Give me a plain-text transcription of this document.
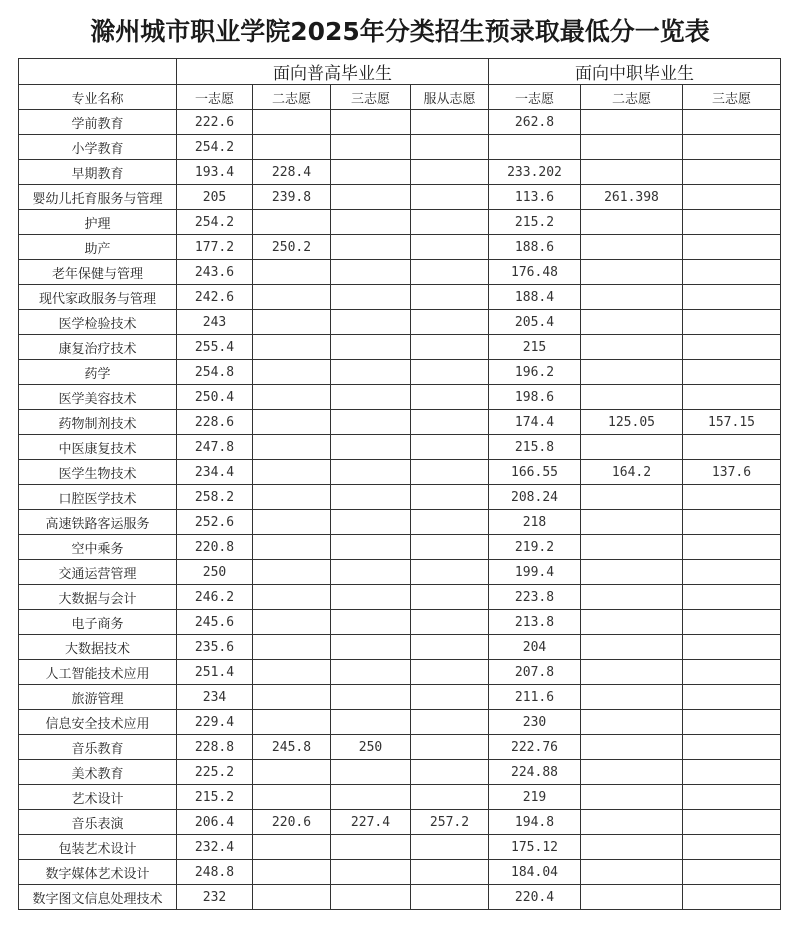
滁州城市职业学院2025年分类招生预录取最低分一览表
	面向普高毕业生				面向中职毕业生		
专业名称	一志愿	二志愿	三志愿	服从志愿	一志愿	二志愿	三志愿
学前教育	222.6				262.8		
小学教育	254.2						
早期教育	193.4	228.4			233.202		
婴幼儿托育服务与管理	205	239.8			113.6	261.398	
护理	254.2				215.2		
助产	177.2	250.2			188.6		
老年保健与管理	243.6				176.48		
现代家政服务与管理	242.6				188.4		
医学检验技术	243				205.4		
康复治疗技术	255.4				215		
药学	254.8				196.2		
医学美容技术	250.4				198.6		
药物制剂技术	228.6				174.4	125.05	157.15
中医康复技术	247.8				215.8		
医学生物技术	234.4				166.55	164.2	137.6
口腔医学技术	258.2				208.24		
高速铁路客运服务	252.6				218		
空中乘务	220.8				219.2		
交通运营管理	250				199.4		
大数据与会计	246.2				223.8		
电子商务	245.6				213.8		
大数据技术	235.6				204		
人工智能技术应用	251.4				207.8		
旅游管理	234				211.6		
信息安全技术应用	229.4				230		
音乐教育	228.8	245.8	250		222.76		
美术教育	225.2				224.88		
艺术设计	215.2				219		
音乐表演	206.4	220.6	227.4	257.2	194.8		
包装艺术设计	232.4				175.12		
数字媒体艺术设计	248.8				184.04		
数字图文信息处理技术	232				220.4		
